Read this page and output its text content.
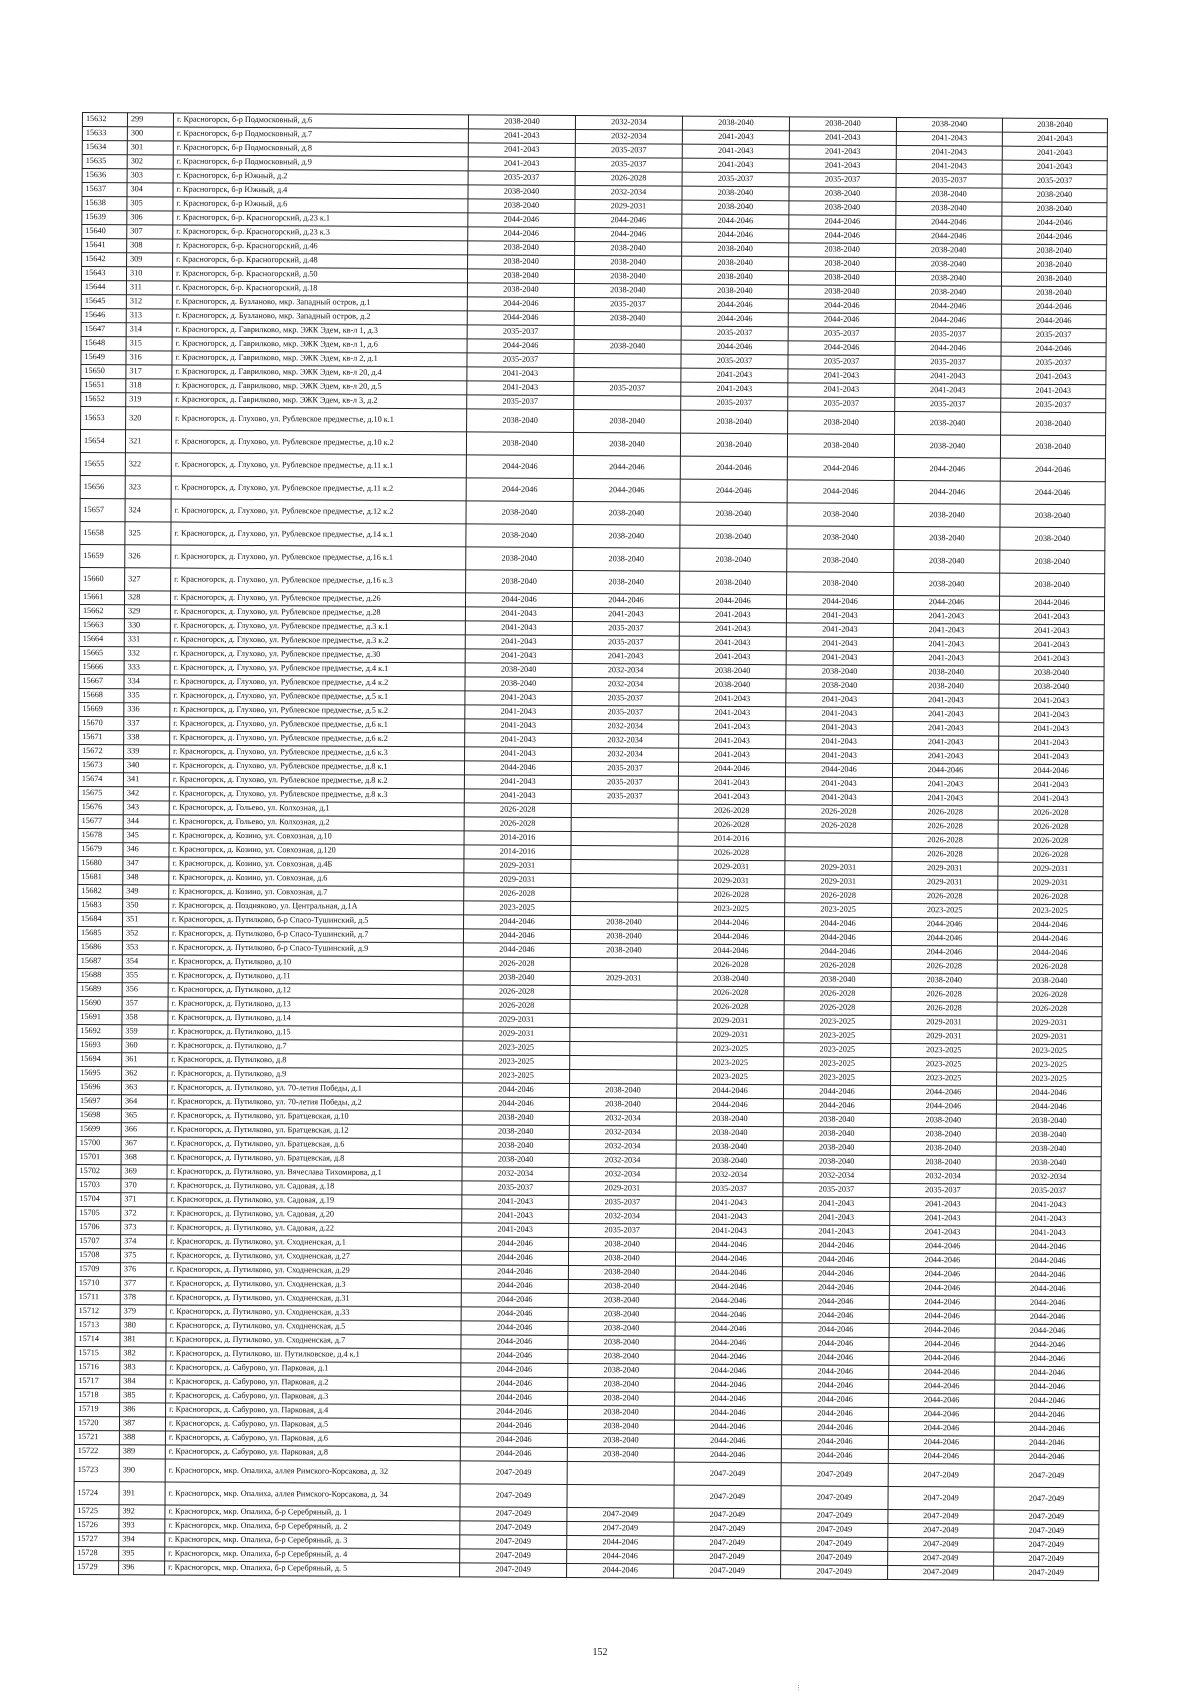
15632	299	г. Красногорск, б-р Подмосковный, д.6	2038-2040	2032-2034	2038-2040	2038-2040	2038-2040	2038-2040
15633	300	г. Красногорск, б-р Подмосковный, д.7	2041-2043	2032-2034	2041-2043	2041-2043	2041-2043	2041-2043
15634	301	г. Красногорск, б-р Подмосковный, д.8	2041-2043	2035-2037	2041-2043	2041-2043	2041-2043	2041-2043
15635	302	г. Красногорск, б-р Подмосковный, д.9	2041-2043	2035-2037	2041-2043	2041-2043	2041-2043	2041-2043
15636	303	г. Красногорск, б-р Южный, д.2	2035-2037	2026-2028	2035-2037	2035-2037	2035-2037	2035-2037
15637	304	г. Красногорск, б-р Южный, д.4	2038-2040	2032-2034	2038-2040	2038-2040	2038-2040	2038-2040
15638	305	г. Красногорск, б-р Южный, д.6	2038-2040	2029-2031	2038-2040	2038-2040	2038-2040	2038-2040
15639	306	г. Красногорск, б-р. Красногорский, д.23 к.1	2044-2046	2044-2046	2044-2046	2044-2046	2044-2046	2044-2046
15640	307	г. Красногорск, б-р. Красногорский, д.23 к.3	2044-2046	2044-2046	2044-2046	2044-2046	2044-2046	2044-2046
15641	308	г. Красногорск, б-р. Красногорский, д.46	2038-2040	2038-2040	2038-2040	2038-2040	2038-2040	2038-2040
15642	309	г. Красногорск, б-р. Красногорский, д.48	2038-2040	2038-2040	2038-2040	2038-2040	2038-2040	2038-2040
15643	310	г. Красногорск, б-р. Красногорский, д.50	2038-2040	2038-2040	2038-2040	2038-2040	2038-2040	2038-2040
15644	311	г. Красногорск, б-р. Красногорский, д.18	2038-2040	2038-2040	2038-2040	2038-2040	2038-2040	2038-2040
15645	312	г. Красногорск, д. Бузланово, мкр. Западный остров, д.1	2044-2046	2035-2037	2044-2046	2044-2046	2044-2046	2044-2046
15646	313	г. Красногорск, д. Бузланово, мкр. Западный остров, д.2	2044-2046	2038-2040	2044-2046	2044-2046	2044-2046	2044-2046
15647	314	г. Красногорск, д. Гаврилково, мкр. ЭЖК Эдем, кв-л 1, д.3	2035-2037		2035-2037	2035-2037	2035-2037	2035-2037
15648	315	г. Красногорск, д. Гаврилково, мкр. ЭЖК Эдем, кв-л 1, д.6	2044-2046	2038-2040	2044-2046	2044-2046	2044-2046	2044-2046
15649	316	г. Красногорск, д. Гаврилково, мкр. ЭЖК Эдем, кв-л 2, д.1	2035-2037		2035-2037	2035-2037	2035-2037	2035-2037
15650	317	г. Красногорск, д. Гаврилково, мкр. ЭЖК Эдем, кв-л 20, д.4	2041-2043		2041-2043	2041-2043	2041-2043	2041-2043
15651	318	г. Красногорск, д. Гаврилково, мкр. ЭЖК Эдем, кв-л 20, д.5	2041-2043	2035-2037	2041-2043	2041-2043	2041-2043	2041-2043
15652	319	г. Красногорск, д. Гаврилково, мкр. ЭЖК Эдем, кв-л 3, д.2	2035-2037		2035-2037	2035-2037	2035-2037	2035-2037
15653	320	г. Красногорск, д. Глухово, ул. Рублевское предместье, д.10 к.1	2038-2040	2038-2040	2038-2040	2038-2040	2038-2040	2038-2040
15654	321	г. Красногорск, д. Глухово, ул. Рублевское предместье, д.10 к.2	2038-2040	2038-2040	2038-2040	2038-2040	2038-2040	2038-2040
15655	322	г. Красногорск, д. Глухово, ул. Рублевское предместье, д.11 к.1	2044-2046	2044-2046	2044-2046	2044-2046	2044-2046	2044-2046
15656	323	г. Красногорск, д. Глухово, ул. Рублевское предместье, д.11 к.2	2044-2046	2044-2046	2044-2046	2044-2046	2044-2046	2044-2046
15657	324	г. Красногорск, д. Глухово, ул. Рублевское предместье, д.12 к.2	2038-2040	2038-2040	2038-2040	2038-2040	2038-2040	2038-2040
15658	325	г. Красногорск, д. Глухово, ул. Рублевское предместье, д.14 к.1	2038-2040	2038-2040	2038-2040	2038-2040	2038-2040	2038-2040
15659	326	г. Красногорск, д. Глухово, ул. Рублевское предместье, д.16 к.1	2038-2040	2038-2040	2038-2040	2038-2040	2038-2040	2038-2040
15660	327	г. Красногорск, д. Глухово, ул. Рублевское предместье, д.16 к.3	2038-2040	2038-2040	2038-2040	2038-2040	2038-2040	2038-2040
15661	328	г. Красногорск, д. Глухово, ул. Рублевское предместье, д.26	2044-2046	2044-2046	2044-2046	2044-2046	2044-2046	2044-2046
15662	329	г. Красногорск, д. Глухово, ул. Рублевское предместье, д.28	2041-2043	2041-2043	2041-2043	2041-2043	2041-2043	2041-2043
15663	330	г. Красногорск, д. Глухово, ул. Рублевское предместье, д.3 к.1	2041-2043	2035-2037	2041-2043	2041-2043	2041-2043	2041-2043
15664	331	г. Красногорск, д. Глухово, ул. Рублевское предместье, д.3 к.2	2041-2043	2035-2037	2041-2043	2041-2043	2041-2043	2041-2043
15665	332	г. Красногорск, д. Глухово, ул. Рублевское предместье, д.30	2041-2043	2041-2043	2041-2043	2041-2043	2041-2043	2041-2043
15666	333	г. Красногорск, д. Глухово, ул. Рублевское предместье, д.4 к.1	2038-2040	2032-2034	2038-2040	2038-2040	2038-2040	2038-2040
15667	334	г. Красногорск, д. Глухово, ул. Рублевское предместье, д.4 к.2	2038-2040	2032-2034	2038-2040	2038-2040	2038-2040	2038-2040
15668	335	г. Красногорск, д. Глухово, ул. Рублевское предместье, д.5 к.1	2041-2043	2035-2037	2041-2043	2041-2043	2041-2043	2041-2043
15669	336	г. Красногорск, д. Глухово, ул. Рублевское предместье, д.5 к.2	2041-2043	2035-2037	2041-2043	2041-2043	2041-2043	2041-2043
15670	337	г. Красногорск, д. Глухово, ул. Рублевское предместье, д.6 к.1	2041-2043	2032-2034	2041-2043	2041-2043	2041-2043	2041-2043
15671	338	г. Красногорск, д. Глухово, ул. Рублевское предместье, д.6 к.2	2041-2043	2032-2034	2041-2043	2041-2043	2041-2043	2041-2043
15672	339	г. Красногорск, д. Глухово, ул. Рублевское предместье, д.6 к.3	2041-2043	2032-2034	2041-2043	2041-2043	2041-2043	2041-2043
15673	340	г. Красногорск, д. Глухово, ул. Рублевское предместье, д.8 к.1	2044-2046	2035-2037	2044-2046	2044-2046	2044-2046	2044-2046
15674	341	г. Красногорск, д. Глухово, ул. Рублевское предместье, д.8 к.2	2041-2043	2035-2037	2041-2043	2041-2043	2041-2043	2041-2043
15675	342	г. Красногорск, д. Глухово, ул. Рублевское предместье, д.8 к.3	2041-2043	2035-2037	2041-2043	2041-2043	2041-2043	2041-2043
15676	343	г. Красногорск, д. Гольево, ул. Колхозная, д.1	2026-2028		2026-2028	2026-2028	2026-2028	2026-2028
15677	344	г. Красногорск, д. Гольево, ул. Колхозная, д.2	2026-2028		2026-2028	2026-2028	2026-2028	2026-2028
15678	345	г. Красногорск, д. Козино, ул. Совхозная, д.10	2014-2016		2014-2016		2026-2028	2026-2028
15679	346	г. Красногорск, д. Козино, ул. Совхозная, д.120	2014-2016		2026-2028		2026-2028	2026-2028
15680	347	г. Красногорск, д. Козино, ул. Совхозная, д.4Б	2029-2031		2029-2031	2029-2031	2029-2031	2029-2031
15681	348	г. Красногорск, д. Козино, ул. Совхозная, д.6	2029-2031		2029-2031	2029-2031	2029-2031	2029-2031
15682	349	г. Красногорск, д. Козино, ул. Совхозная, д.7	2026-2028		2026-2028	2026-2028	2026-2028	2026-2028
15683	350	г. Красногорск, д. Поздняково, ул. Центральная, д.1А	2023-2025		2023-2025	2023-2025	2023-2025	2023-2025
15684	351	г. Красногорск, д. Путилково, б-р Спасо-Тушинский, д.5	2044-2046	2038-2040	2044-2046	2044-2046	2044-2046	2044-2046
15685	352	г. Красногорск, д. Путилково, б-р Спасо-Тушинский, д.7	2044-2046	2038-2040	2044-2046	2044-2046	2044-2046	2044-2046
15686	353	г. Красногорск, д. Путилково, б-р Спасо-Тушинский, д.9	2044-2046	2038-2040	2044-2046	2044-2046	2044-2046	2044-2046
15687	354	г. Красногорск, д. Путилково, д.10	2026-2028		2026-2028	2026-2028	2026-2028	2026-2028
15688	355	г. Красногорск, д. Путилково, д.11	2038-2040	2029-2031	2038-2040	2038-2040	2038-2040	2038-2040
15689	356	г. Красногорск, д. Путилково, д.12	2026-2028		2026-2028	2026-2028	2026-2028	2026-2028
15690	357	г. Красногорск, д. Путилково, д.13	2026-2028		2026-2028	2026-2028	2026-2028	2026-2028
15691	358	г. Красногорск, д. Путилково, д.14	2029-2031		2029-2031	2023-2025	2029-2031	2029-2031
15692	359	г. Красногорск, д. Путилково, д.15	2029-2031		2029-2031	2023-2025	2029-2031	2029-2031
15693	360	г. Красногорск, д. Путилково, д.7	2023-2025		2023-2025	2023-2025	2023-2025	2023-2025
15694	361	г. Красногорск, д. Путилково, д.8	2023-2025		2023-2025	2023-2025	2023-2025	2023-2025
15695	362	г. Красногорск, д. Путилково, д.9	2023-2025		2023-2025	2023-2025	2023-2025	2023-2025
15696	363	г. Красногорск, д. Путилково, ул. 70-летия Победы, д.1	2044-2046	2038-2040	2044-2046	2044-2046	2044-2046	2044-2046
15697	364	г. Красногорск, д. Путилково, ул. 70-летия Победы, д.2	2044-2046	2038-2040	2044-2046	2044-2046	2044-2046	2044-2046
15698	365	г. Красногорск, д. Путилково, ул. Братцевская, д.10	2038-2040	2032-2034	2038-2040	2038-2040	2038-2040	2038-2040
15699	366	г. Красногорск, д. Путилково, ул. Братцевская, д.12	2038-2040	2032-2034	2038-2040	2038-2040	2038-2040	2038-2040
15700	367	г. Красногорск, д. Путилково, ул. Братцевская, д.6	2038-2040	2032-2034	2038-2040	2038-2040	2038-2040	2038-2040
15701	368	г. Красногорск, д. Путилково, ул. Братцевская, д.8	2038-2040	2032-2034	2038-2040	2038-2040	2038-2040	2038-2040
15702	369	г. Красногорск, д. Путилково, ул. Вячеслава Тихомирова, д.1	2032-2034	2032-2034	2032-2034	2032-2034	2032-2034	2032-2034
15703	370	г. Красногорск, д. Путилково, ул. Садовая, д.18	2035-2037	2029-2031	2035-2037	2035-2037	2035-2037	2035-2037
15704	371	г. Красногорск, д. Путилково, ул. Садовая, д.19	2041-2043	2035-2037	2041-2043	2041-2043	2041-2043	2041-2043
15705	372	г. Красногорск, д. Путилково, ул. Садовая, д.20	2041-2043	2032-2034	2041-2043	2041-2043	2041-2043	2041-2043
15706	373	г. Красногорск, д. Путилково, ул. Садовая, д.22	2041-2043	2035-2037	2041-2043	2041-2043	2041-2043	2041-2043
15707	374	г. Красногорск, д. Путилково, ул. Сходненская, д.1	2044-2046	2038-2040	2044-2046	2044-2046	2044-2046	2044-2046
15708	375	г. Красногорск, д. Путилково, ул. Сходненская, д.27	2044-2046	2038-2040	2044-2046	2044-2046	2044-2046	2044-2046
15709	376	г. Красногорск, д. Путилково, ул. Сходненская, д.29	2044-2046	2038-2040	2044-2046	2044-2046	2044-2046	2044-2046
15710	377	г. Красногорск, д. Путилково, ул. Сходненская, д.3	2044-2046	2038-2040	2044-2046	2044-2046	2044-2046	2044-2046
15711	378	г. Красногорск, д. Путилково, ул. Сходненская, д.31	2044-2046	2038-2040	2044-2046	2044-2046	2044-2046	2044-2046
15712	379	г. Красногорск, д. Путилково, ул. Сходненская, д.33	2044-2046	2038-2040	2044-2046	2044-2046	2044-2046	2044-2046
15713	380	г. Красногорск, д. Путилково, ул. Сходненская, д.5	2044-2046	2038-2040	2044-2046	2044-2046	2044-2046	2044-2046
15714	381	г. Красногорск, д. Путилково, ул. Сходненская, д.7	2044-2046	2038-2040	2044-2046	2044-2046	2044-2046	2044-2046
15715	382	г. Красногорск, д. Путилково, ш. Путилковское, д.4 к.1	2044-2046	2038-2040	2044-2046	2044-2046	2044-2046	2044-2046
15716	383	г. Красногорск, д. Сабурово, ул. Парковая, д.1	2044-2046	2038-2040	2044-2046	2044-2046	2044-2046	2044-2046
15717	384	г. Красногорск, д. Сабурово, ул. Парковая, д.2	2044-2046	2038-2040	2044-2046	2044-2046	2044-2046	2044-2046
15718	385	г. Красногорск, д. Сабурово, ул. Парковая, д.3	2044-2046	2038-2040	2044-2046	2044-2046	2044-2046	2044-2046
15719	386	г. Красногорск, д. Сабурово, ул. Парковая, д.4	2044-2046	2038-2040	2044-2046	2044-2046	2044-2046	2044-2046
15720	387	г. Красногорск, д. Сабурово, ул. Парковая, д.5	2044-2046	2038-2040	2044-2046	2044-2046	2044-2046	2044-2046
15721	388	г. Красногорск, д. Сабурово, ул. Парковая, д.6	2044-2046	2038-2040	2044-2046	2044-2046	2044-2046	2044-2046
15722	389	г. Красногорск, д. Сабурово, ул. Парковая, д.8	2044-2046	2038-2040	2044-2046	2044-2046	2044-2046	2044-2046
15723	390	г. Красногорск, мкр. Опалиха, аллея Римского-Корсакова, д. 32	2047-2049		2047-2049	2047-2049	2047-2049	2047-2049
15724	391	г. Красногорск, мкр. Опалиха, аллея Римского-Корсакова, д. 34	2047-2049		2047-2049	2047-2049	2047-2049	2047-2049
15725	392	г. Красногорск, мкр. Опалиха, б-р Серебряный, д. 1	2047-2049	2047-2049	2047-2049	2047-2049	2047-2049	2047-2049
15726	393	г. Красногорск, мкр. Опалиха, б-р Серебряный, д. 2	2047-2049	2047-2049	2047-2049	2047-2049	2047-2049	2047-2049
15727	394	г. Красногорск, мкр. Опалиха, б-р Серебряный, д. 3	2047-2049	2044-2046	2047-2049	2047-2049	2047-2049	2047-2049
15728	395	г. Красногорск, мкр. Опалиха, б-р Серебряный, д. 4	2047-2049	2044-2046	2047-2049	2047-2049	2047-2049	2047-2049
15729	396	г. Красногорск, мкр. Опалиха, б-р Серебряный, д. 5	2047-2049	2044-2046	2047-2049	2047-2049	2047-2049	2047-2049
152
⋮
